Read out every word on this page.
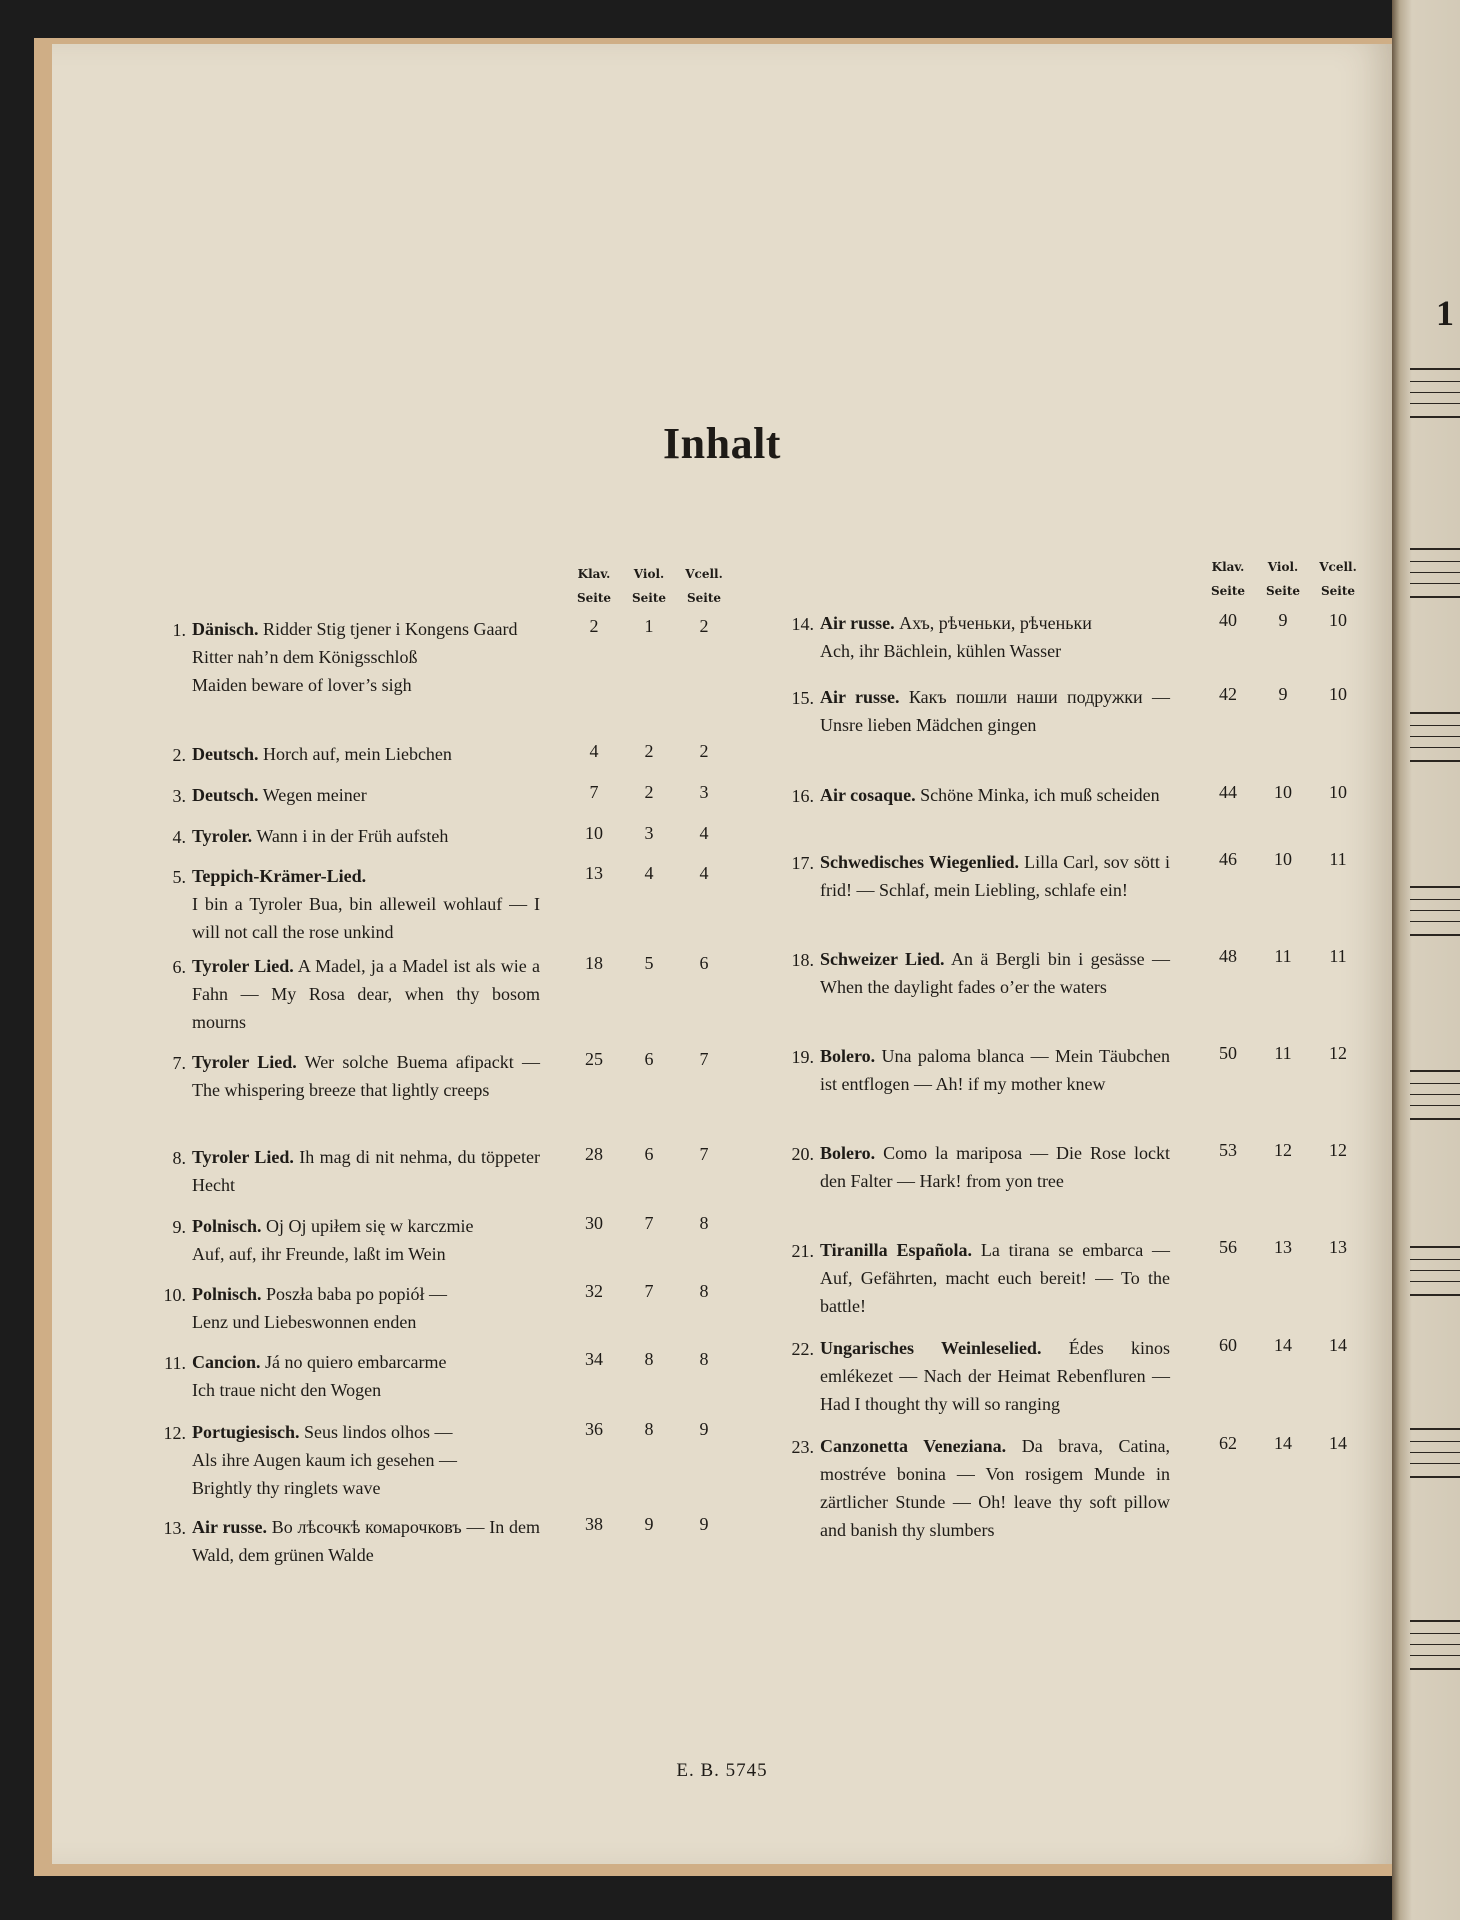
1
Inhalt
Klav.
Seite
Viol.
Seite
Vcell.
Seite
Klav.
Seite
Viol.
Seite
Vcell.
Seite
1. Dänisch. Ridder Stig tjener i Kongens Gaard

Ritter nah’n dem Königsschloß

Maiden beware of lover’s sigh

2	1	2
2. Deutsch. Horch auf, mein Liebchen	4	2	2
3. Deutsch. Wegen meiner	7	2	3
4. Tyroler. Wann i in der Früh aufsteh	10	3	4
5. Teppich-Krämer-Lied.

I bin a Tyroler Bua, bin alleweil wohlauf — I will not call the rose unkind

13	4	4
6. Tyroler Lied. A Madel, ja a Madel ist als wie a Fahn — My Rosa dear, when thy bosom mourns

18	5	6
7. Tyroler Lied. Wer solche Buema afipackt — The whispering breeze that lightly creeps

25	6	7
8. Tyroler Lied. Ih mag di nit nehma, du töppeter Hecht

28	6	7
9. Polnisch. Oj Oj upiłem się w karczmie

Auf, auf, ihr Freunde, laßt im Wein

30	7	8
10. Polnisch. Poszła baba po popiół —

Lenz und Liebeswonnen enden

32	7	8
11. Cancion. Já no quiero embarcarme

Ich traue nicht den Wogen

34	8	8
12. Portugiesisch. Seus lindos olhos —

Als ihre Augen kaum ich gesehen —

Brightly thy ringlets wave

36	8	9
13. Air russe. Во лѣсочкѣ комарочковъ — In dem Wald, dem grünen Walde

38	9	9
14. Air russe. Ахъ, рѣченьки, рѣченьки

Ach, ihr Bächlein, kühlen Wasser

40	9	10
15. Air russe. Какъ пошли наши подружки — Unsre lieben Mädchen gingen

42	9	10
16. Air cosaque. Schöne Minka, ich muß scheiden	44	10	10
17. Schwedisches Wiegenlied. Lilla Carl, sov sött i frid! — Schlaf, mein Liebling, schlafe ein!

46	10	11
18. Schweizer Lied. An ä Bergli bin i gesässe — When the daylight fades o’er the waters

48	11	11
19. Bolero. Una paloma blanca — Mein Täubchen ist entflogen — Ah! if my mother knew

50	11	12
20. Bolero. Como la mariposa — Die Rose lockt den Falter — Hark! from yon tree

53	12	12
21. Tiranilla Española. La tirana se embarca — Auf, Gefährten, macht euch bereit! — To the battle!

56	13	13
22. Ungarisches Weinleselied. Édes kinos emlékezet — Nach der Heimat Rebenfluren — Had I thought thy will so ranging

60	14	14
23. Canzonetta Veneziana. Da brava, Catina, mostréve bonina — Von rosigem Munde in zärtlicher Stunde — Oh! leave thy soft pillow and banish thy slumbers

62	14	14
E. B. 5745
